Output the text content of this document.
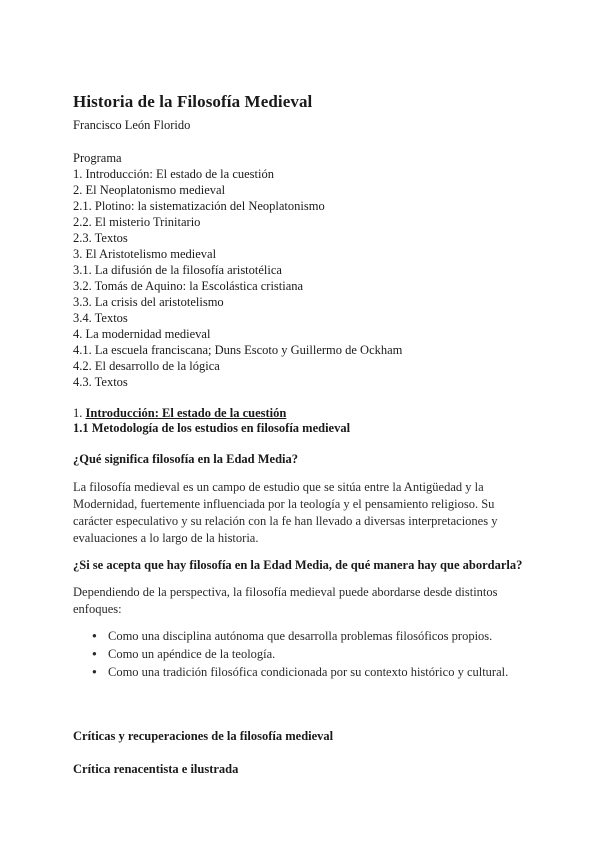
Historia de la Filosofía Medieval
Francisco León Florido
Programa
1. Introducción: El estado de la cuestión
2. El Neoplatonismo medieval
2.1. Plotino: la sistematización del Neoplatonismo
2.2. El misterio Trinitario
2.3. Textos
3. El Aristotelismo medieval
3.1. La difusión de la filosofía aristotélica
3.2. Tomás de Aquino: la Escolástica cristiana
3.3. La crisis del aristotelismo
3.4. Textos
4. La modernidad medieval
4.1. La escuela franciscana; Duns Escoto y Guillermo de Ockham
4.2. El desarrollo de la lógica
4.3. Textos
1. Introducción: El estado de la cuestión
1.1 Metodología de los estudios en filosofía medieval
¿Qué significa filosofía en la Edad Media?
La filosofía medieval es un campo de estudio que se sitúa entre la Antigüedad y la Modernidad, fuertemente influenciada por la teología y el pensamiento religioso. Su carácter especulativo y su relación con la fe han llevado a diversas interpretaciones y evaluaciones a lo largo de la historia.
¿Si se acepta que hay filosofía en la Edad Media, de qué manera hay que abordarla?
Dependiendo de la perspectiva, la filosofía medieval puede abordarse desde distintos enfoques:
● Como una disciplina autónoma que desarrolla problemas filosóficos propios.
● Como un apéndice de la teología.
● Como una tradición filosófica condicionada por su contexto histórico y cultural.
Críticas y recuperaciones de la filosofía medieval
Crítica renacentista e ilustrada
